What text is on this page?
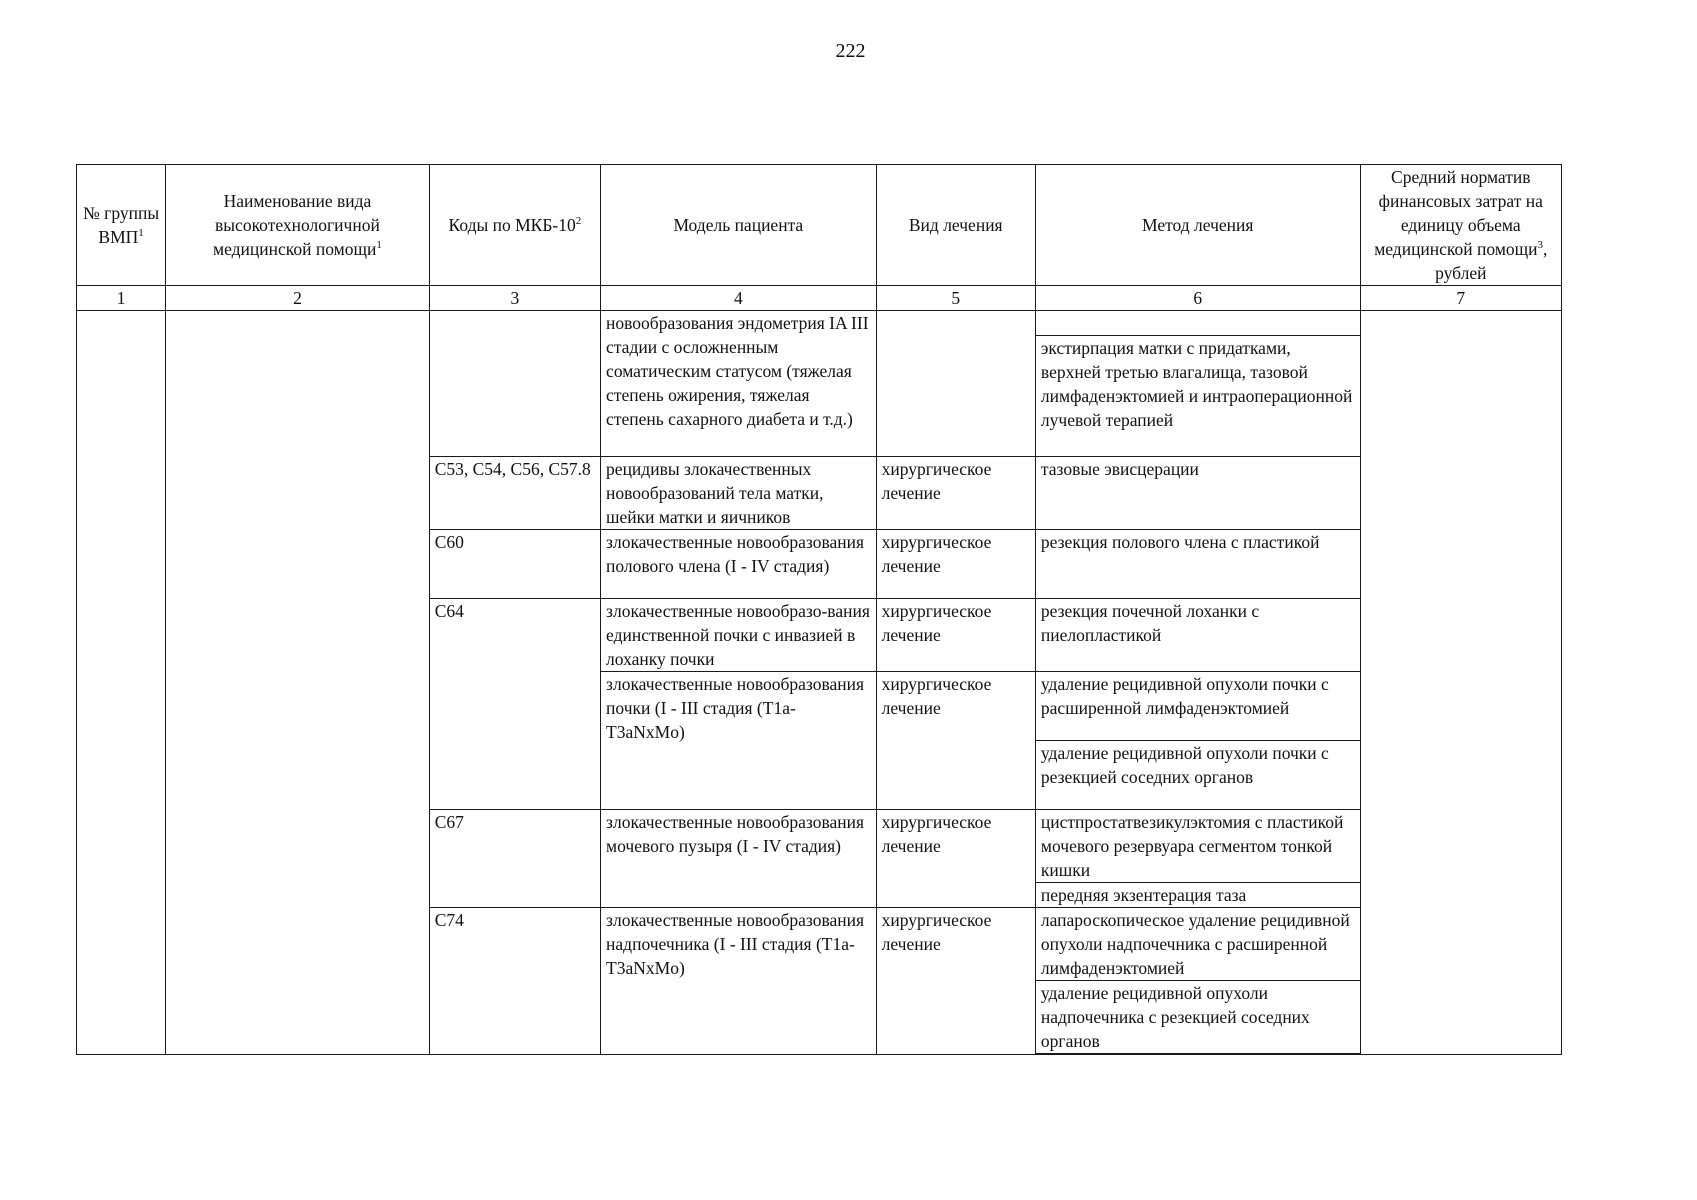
222
№ группы ВМП$^1$	Наименование вида высокотехнологичной медицинской помощи$^1$	Коды по МКБ-$10^2$	Модель пациента	Вид лечения	Метод лечения	Средний норматив финансовых затрат на единицу объема медицинской помощи$^3$, рублей
1	2	3	4	5	6	7
			новообразования эндометрия IA III стадии с осложненным соматическим статусом (тяжелая степень ожирения, тяжелая степень сахарного диабета и т.д.)		экстирпация матки с придатками, верхней третью влагалища, тазовой лимфаденэктомией и интраоперационной лучевой терапией	

		C53, C54, C56, C57.8	рецидивы злокачественных новообразований тела матки, шейки матки и яичников	хирургическое лечение	тазовые эвисцерации	
		C60	злокачественные новообразования полового члена (I - IV стадия)	хирургическое лечение	резекция полового члена с пластикой	
		C64	злокачественные новообразо-вания единственной почки с инвазией в лоханку почки	хирургическое лечение	резекция почечной лоханки с пиелопластикой	
			злокачественные новообразования почки (I - III стадия (T1a-T3aNxMo)	хирургическое лечение	удаление рецидивной опухоли почки с расширенной лимфаденэктомией	
					удаление рецидивной опухоли почки с резекцией соседних органов	
		C67	злокачественные новообразования мочевого пузыря (I - IV стадия)	хирургическое лечение	цистпростатвезикулэктомия с пластикой мочевого резервуара сегментом тонкой кишки	
					передняя экзентерация таза	
		C74	злокачественные новообразования надпочечника (I - III стадия (T1a-T3aNxMo)	хирургическое лечение	лапароскопическое удаление рецидивной опухоли надпочечника с расширенной лимфаденэктомией	
					удаление рецидивной опухоли надпочечника с резекцией соседних органов	
